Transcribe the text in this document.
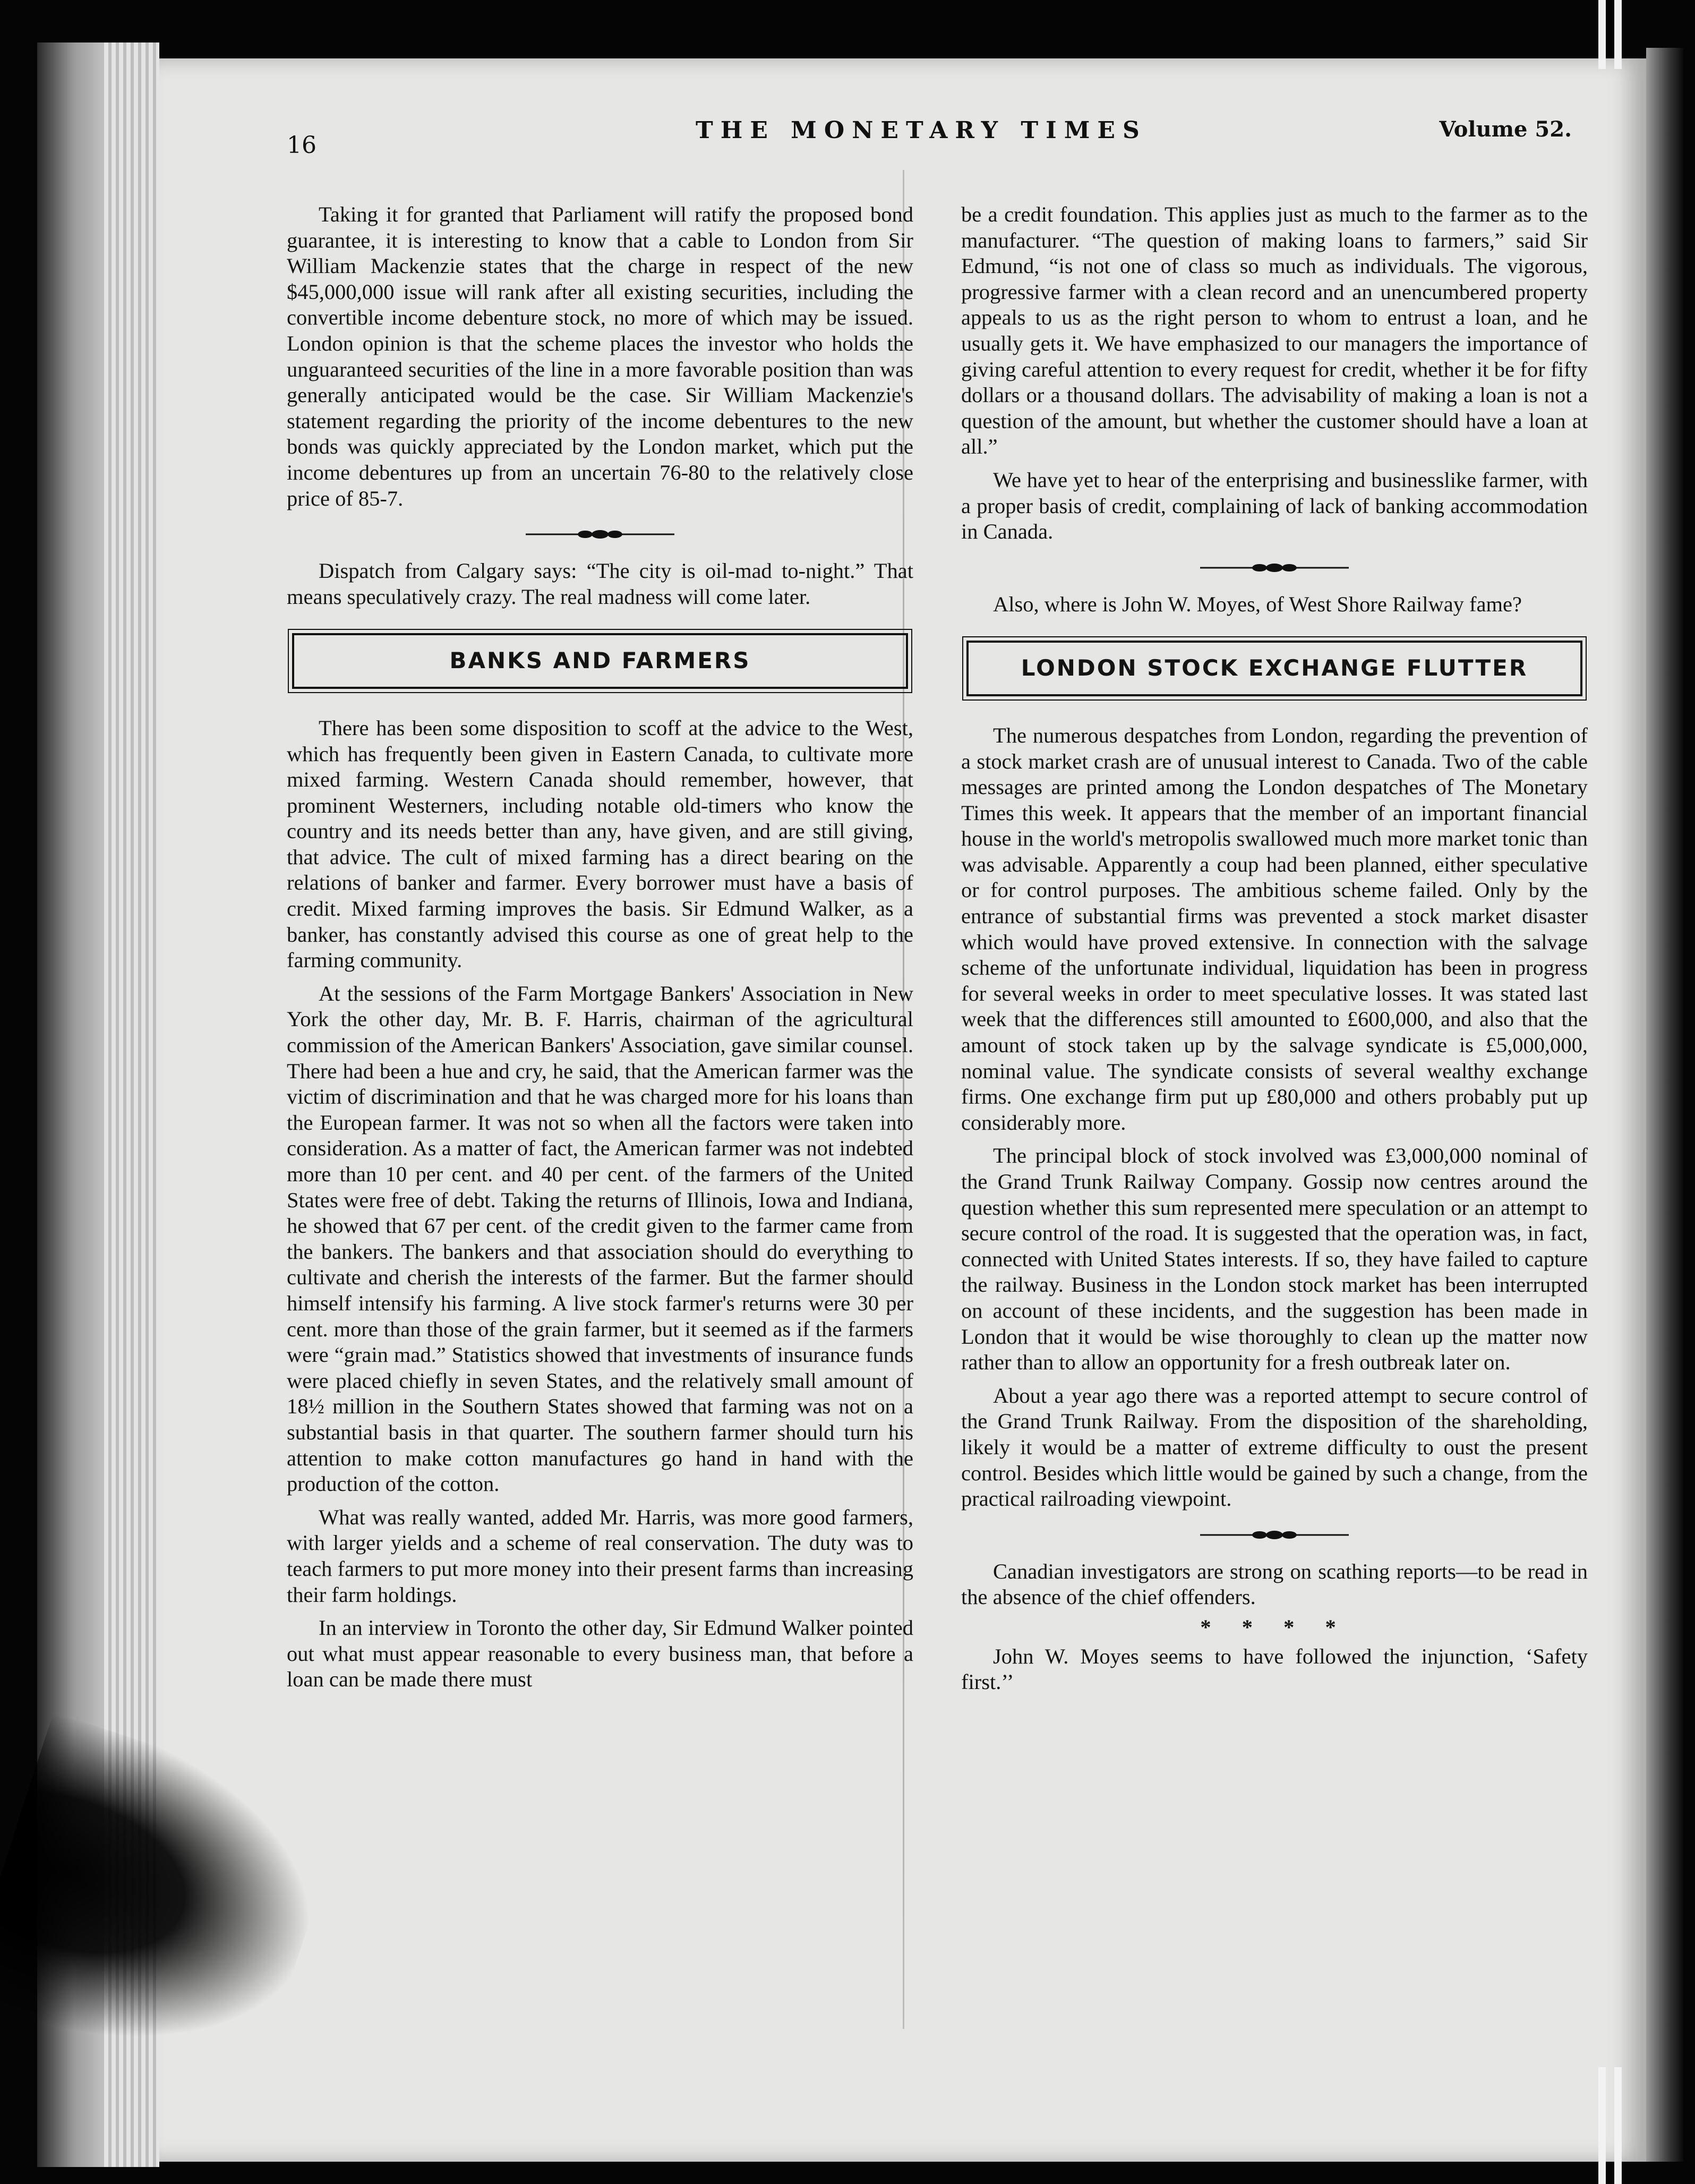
16
THE MONETARY TIMES	Volume 52.

Taking it for granted that Parliament will ratify the proposed bond guarantee, it is interesting to know that a cable to London from Sir William Mackenzie states that the charge in respect of the new $45,000,000 issue will rank after all existing securities, including the convertible income debenture stock, no more of which may be issued. London opinion is that the scheme places the investor who holds the unguaranteed securities of the line in a more favorable position than was generally anticipated would be the case. Sir William Mackenzie's statement regarding the priority of the income debentures to the new bonds was quickly appreciated by the London market, which put the income debentures up from an uncertain 76-80 to the relatively close price of 85-7.

Dispatch from Calgary says: “The city is oil-mad to-night.” That means speculatively crazy. The real madness will come later.

BANKS AND FARMERS

There has been some disposition to scoff at the advice to the West, which has frequently been given in Eastern Canada, to cultivate more mixed farming. Western Canada should remember, however, that prominent Westerners, including notable old-timers who know the country and its needs better than any, have given, and are still giving, that advice. The cult of mixed farming has a direct bearing on the relations of banker and farmer. Every borrower must have a basis of credit. Mixed farming improves the basis. Sir Edmund Walker, as a banker, has constantly advised this course as one of great help to the farming community.

At the sessions of the Farm Mortgage Bankers' Association in New York the other day, Mr. B. F. Harris, chairman of the agricultural commission of the American Bankers' Association, gave similar counsel. There had been a hue and cry, he said, that the American farmer was the victim of discrimination and that he was charged more for his loans than the European farmer. It was not so when all the factors were taken into consideration. As a matter of fact, the American farmer was not indebted more than 10 per cent. and 40 per cent. of the farmers of the United States were free of debt. Taking the returns of Illinois, Iowa and Indiana, he showed that 67 per cent. of the credit given to the farmer came from the bankers. The bankers and that association should do everything to cultivate and cherish the interests of the farmer. But the farmer should himself intensify his farming. A live stock farmer's returns were 30 per cent. more than those of the grain farmer, but it seemed as if the farmers were “grain mad.” Statistics showed that investments of insurance funds were placed chiefly in seven States, and the relatively small amount of 18½ million in the Southern States showed that farming was not on a substantial basis in that quarter. The southern farmer should turn his attention to make cotton manufactures go hand in hand with the production of the cotton.

What was really wanted, added Mr. Harris, was more good farmers, with larger yields and a scheme of real conservation. The duty was to teach farmers to put more money into their present farms than increasing their farm holdings.

In an interview in Toronto the other day, Sir Edmund Walker pointed out what must appear reasonable to every business man, that before a loan can be made there must

be a credit foundation. This applies just as much to the farmer as to the manufacturer. “The question of making loans to farmers,” said Sir Edmund, “is not one of class so much as individuals. The vigorous, progressive farmer with a clean record and an unencumbered property appeals to us as the right person to whom to entrust a loan, and he usually gets it. We have emphasized to our managers the importance of giving careful attention to every request for credit, whether it be for fifty dollars or a thousand dollars. The advisability of making a loan is not a question of the amount, but whether the customer should have a loan at all.”

We have yet to hear of the enterprising and businesslike farmer, with a proper basis of credit, complaining of lack of banking accommodation in Canada.

Also, where is John W. Moyes, of West Shore Railway fame?

LONDON STOCK EXCHANGE FLUTTER

The numerous despatches from London, regarding the prevention of a stock market crash are of unusual interest to Canada. Two of the cable messages are printed among the London despatches of The Monetary Times this week. It appears that the member of an important financial house in the world's metropolis swallowed much more market tonic than was advisable. Apparently a coup had been planned, either speculative or for control purposes. The ambitious scheme failed. Only by the entrance of substantial firms was prevented a stock market disaster which would have proved extensive. In connection with the salvage scheme of the unfortunate individual, liquidation has been in progress for several weeks in order to meet speculative losses. It was stated last week that the differences still amounted to £600,000, and also that the amount of stock taken up by the salvage syndicate is £5,000,000, nominal value. The syndicate consists of several wealthy exchange firms. One exchange firm put up £80,000 and others probably put up considerably more.

The principal block of stock involved was £3,000,000 nominal of the Grand Trunk Railway Company. Gossip now centres around the question whether this sum represented mere speculation or an attempt to secure control of the road. It is suggested that the operation was, in fact, connected with United States interests. If so, they have failed to capture the railway. Business in the London stock market has been interrupted on account of these incidents, and the suggestion has been made in London that it would be wise thoroughly to clean up the matter now rather than to allow an opportunity for a fresh outbreak later on.

About a year ago there was a reported attempt to secure control of the Grand Trunk Railway. From the disposition of the shareholding, likely it would be a matter of extreme difficulty to oust the present control. Besides which little would be gained by such a change, from the practical railroading viewpoint.

Canadian investigators are strong on scathing reports—to be read in the absence of the chief offenders.

* * * *

John W. Moyes seems to have followed the injunction, ‘Safety first.’’
